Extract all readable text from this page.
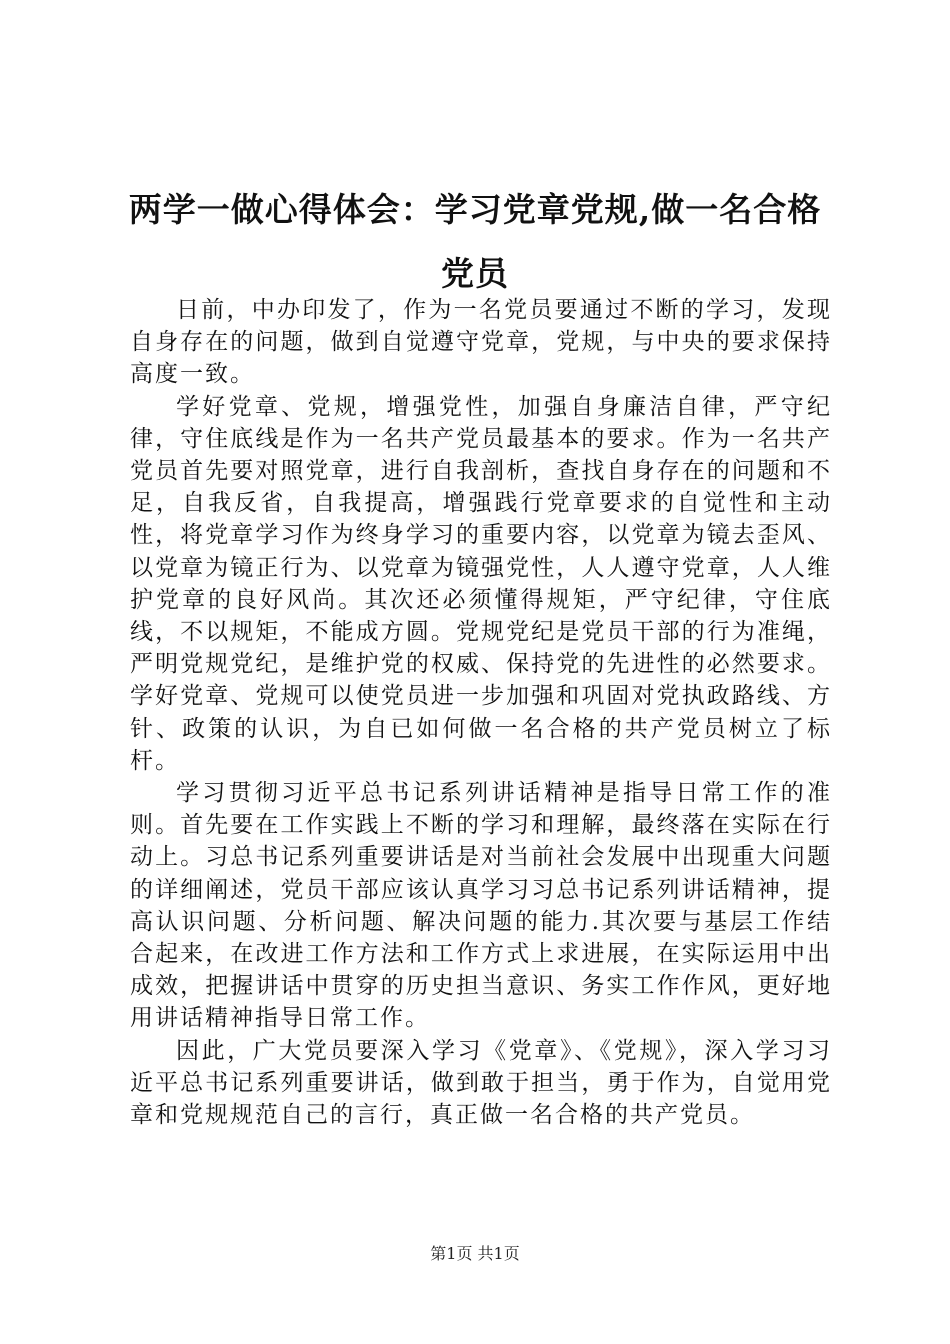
两学一做心得体会：学习党章党规,做一名合格党员

日前，中办印发了，作为一名党员要通过不断的学习，发现自身存在的问题，做到自觉遵守党章，党规，与中央的要求保持高度一致。

学好党章、党规，增强党性，加强自身廉洁自律，严守纪律，守住底线是作为一名共产党员最基本的要求。作为一名共产党员首先要对照党章，进行自我剖析，查找自身存在的问题和不足，自我反省，自我提高，增强践行党章要求的自觉性和主动性，将党章学习作为终身学习的重要内容，以党章为镜去歪风、以党章为镜正行为、以党章为镜强党性，人人遵守党章，人人维护党章的良好风尚。其次还必须懂得规矩，严守纪律，守住底线，不以规矩，不能成方圆。党规党纪是党员干部的行为准绳，严明党规党纪，是维护党的权威、保持党的先进性的必然要求。学好党章、党规可以使党员进一步加强和巩固对党执政路线、方针、政策的认识，为自已如何做一名合格的共产党员树立了标杆。

学习贯彻习近平总书记系列讲话精神是指导日常工作的准则。首先要在工作实践上不断的学习和理解，最终落在实际在行动上。习总书记系列重要讲话是对当前社会发展中出现重大问题的详细阐述，党员干部应该认真学习习总书记系列讲话精神，提高认识问题、分析问题、解决问题的能力.其次要与基层工作结合起来，在改进工作方法和工作方式上求进展，在实际运用中出成效，把握讲话中贯穿的历史担当意识、务实工作作风，更好地用讲话精神指导日常工作。

因此，广大党员要深入学习《党章》、《党规》，深入学习习近平总书记系列重要讲话，做到敢于担当，勇于作为，自觉用党章和党规规范自己的言行，真正做一名合格的共产党员。

第1页 共1页
